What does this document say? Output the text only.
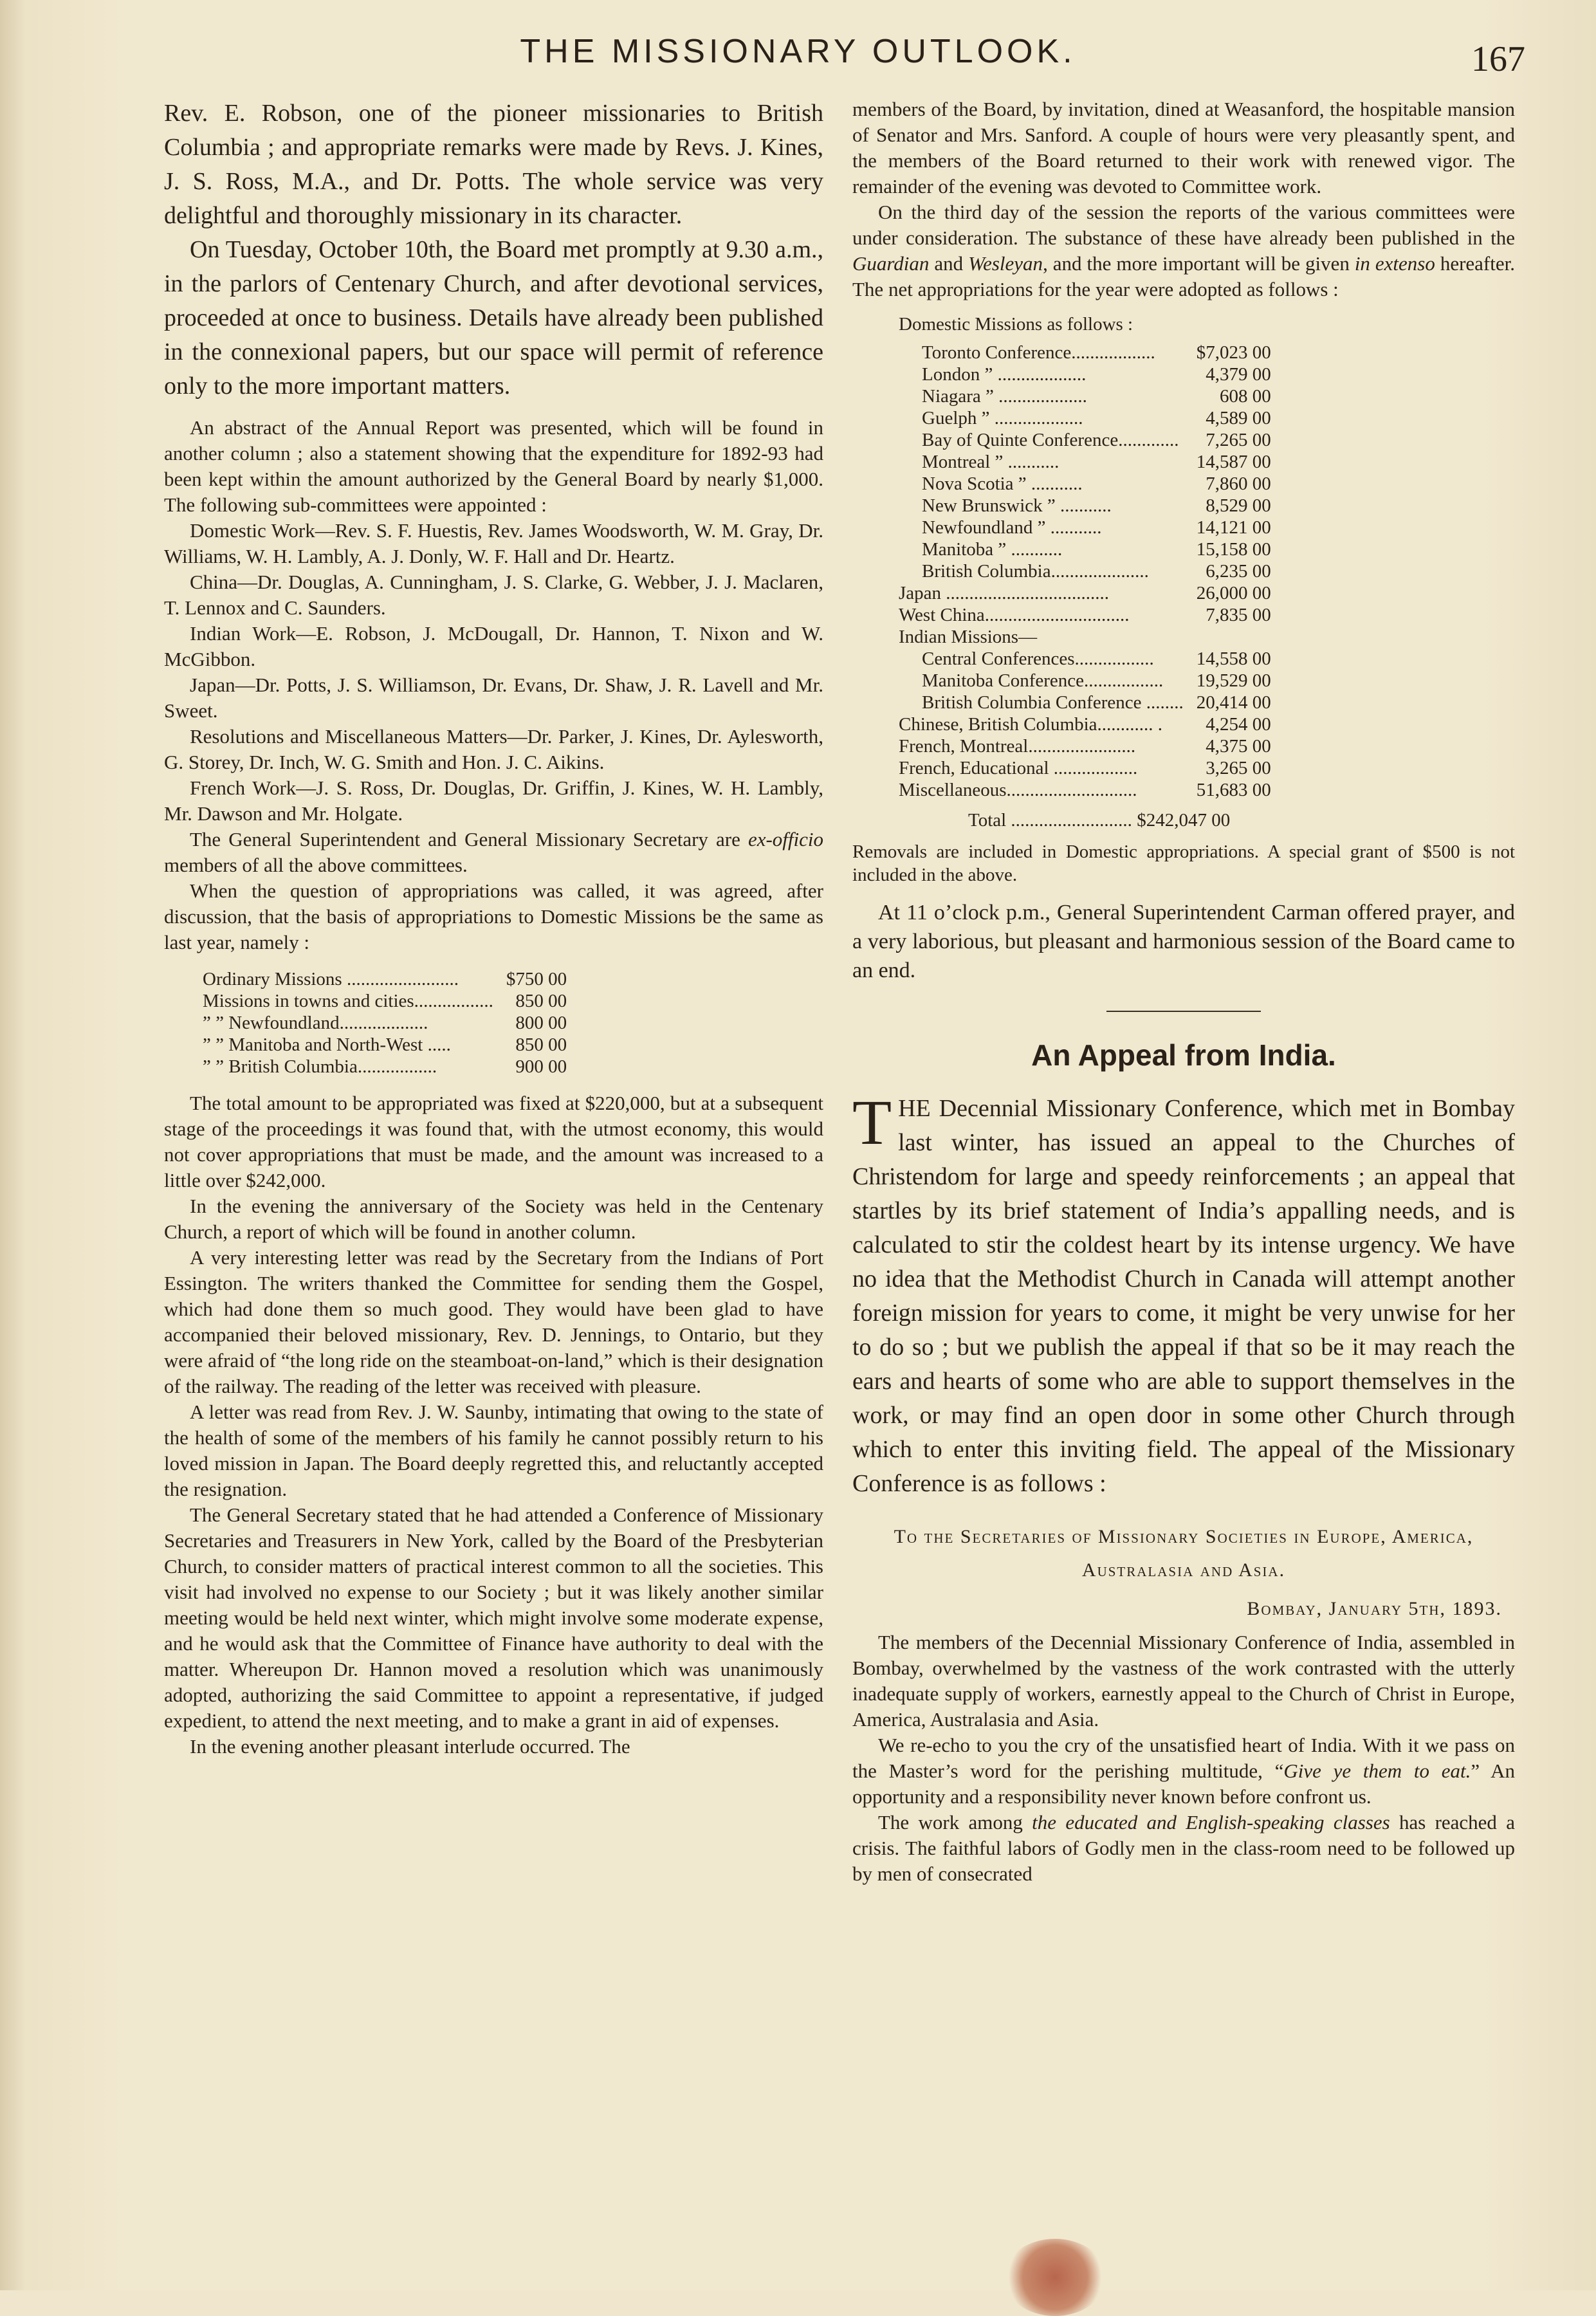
THE MISSIONARY OUTLOOK.	167

Rev. E. Robson, one of the pioneer missionaries to British Columbia ; and appropriate remarks were made by Revs. J. Kines, J. S. Ross, M.A., and Dr. Potts. The whole service was very delightful and thoroughly missionary in its character.

On Tuesday, October 10th, the Board met promptly at 9.30 a.m., in the parlors of Centenary Church, and after devotional services, proceeded at once to business. Details have already been published in the connexional papers, but our space will permit of reference only to the more important matters.

An abstract of the Annual Report was presented, which will be found in another column ; also a statement showing that the expenditure for 1892-93 had been kept within the amount authorized by the General Board by nearly $1,000. The following sub-committees were appointed :

Domestic Work—Rev. S. F. Huestis, Rev. James Woodsworth, W. M. Gray, Dr. Williams, W. H. Lambly, A. J. Donly, W. F. Hall and Dr. Heartz.

China—Dr. Douglas, A. Cunningham, J. S. Clarke, G. Webber, J. J. Maclaren, T. Lennox and C. Saunders.

Indian Work—E. Robson, J. McDougall, Dr. Hannon, T. Nixon and W. McGibbon.

Japan—Dr. Potts, J. S. Williamson, Dr. Evans, Dr. Shaw, J. R. Lavell and Mr. Sweet.

Resolutions and Miscellaneous Matters—Dr. Parker, J. Kines, Dr. Aylesworth, G. Storey, Dr. Inch, W. G. Smith and Hon. J. C. Aikins.

French Work—J. S. Ross, Dr. Douglas, Dr. Griffin, J. Kines, W. H. Lambly, Mr. Dawson and Mr. Holgate.

The General Superintendent and General Missionary Secretary are ex-officio members of all the above committees.

When the question of appropriations was called, it was agreed, after discussion, that the basis of appropriations to Domestic Missions be the same as last year, namely :

Ordinary Missions ........................	$750 00
Missions in towns and cities.................	850 00
” ” Newfoundland...................	800 00
” ” Manitoba and North-West .....	850 00
” ” British Columbia.................	900 00

The total amount to be appropriated was fixed at $220,000, but at a subsequent stage of the proceedings it was found that, with the utmost economy, this would not cover appropriations that must be made, and the amount was increased to a little over $242,000.

In the evening the anniversary of the Society was held in the Centenary Church, a report of which will be found in another column.

A very interesting letter was read by the Secretary from the Indians of Port Essington. The writers thanked the Committee for sending them the Gospel, which had done them so much good. They would have been glad to have accompanied their beloved missionary, Rev. D. Jennings, to Ontario, but they were afraid of “the long ride on the steamboat-on-land,” which is their designation of the railway. The reading of the letter was received with pleasure.

A letter was read from Rev. J. W. Saunby, intimating that owing to the state of the health of some of the members of his family he cannot possibly return to his loved mission in Japan. The Board deeply regretted this, and reluctantly accepted the resignation.

The General Secretary stated that he had attended a Conference of Missionary Secretaries and Treasurers in New York, called by the Board of the Presbyterian Church, to consider matters of practical interest common to all the societies. This visit had involved no expense to our Society ; but it was likely another similar meeting would be held next winter, which might involve some moderate expense, and he would ask that the Committee of Finance have authority to deal with the matter. Whereupon Dr. Hannon moved a resolution which was unanimously adopted, authorizing the said Committee to appoint a representative, if judged expedient, to attend the next meeting, and to make a grant in aid of expenses.

In the evening another pleasant interlude occurred. The

members of the Board, by invitation, dined at Weasanford, the hospitable mansion of Senator and Mrs. Sanford. A couple of hours were very pleasantly spent, and the members of the Board returned to their work with renewed vigor. The remainder of the evening was devoted to Committee work.

On the third day of the session the reports of the various committees were under consideration. The substance of these have already been published in the Guardian and Wesleyan, and the more important will be given in extenso hereafter. The net appropriations for the year were adopted as follows :

Domestic Missions as follows :
Toronto Conference..................	$7,023 00
London ” ...................	4,379 00
Niagara ” ...................	608 00
Guelph ” ...................	4,589 00
Bay of Quinte Conference.............	7,265 00
Montreal ” ...........	14,587 00
Nova Scotia ” ...........	7,860 00
New Brunswick ” ...........	8,529 00
Newfoundland ” ...........	14,121 00
Manitoba ” ...........	15,158 00
British Columbia.....................	6,235 00
Japan ...................................	26,000 00
West China...............................	7,835 00
Indian Missions—	
Central Conferences.................	14,558 00
Manitoba Conference.................	19,529 00
British Columbia Conference ........	20,414 00
Chinese, British Columbia............ .	4,254 00
French, Montreal.......................	4,375 00
French, Educational ..................	3,265 00
Miscellaneous............................	51,683 00
Total .......................... $242,047 00

Removals are included in Domestic appropriations. A special grant of $500 is not included in the above.

At 11 o’clock p.m., General Superintendent Carman offered prayer, and a very laborious, but pleasant and harmonious session of the Board came to an end.

An Appeal from India.

THE Decennial Missionary Conference, which met in Bombay last winter, has issued an appeal to the Churches of Christendom for large and speedy reinforcements ; an appeal that startles by its brief statement of India’s appalling needs, and is calculated to stir the coldest heart by its intense urgency. We have no idea that the Methodist Church in Canada will attempt another foreign mission for years to come, it might be very unwise for her to do so ; but we publish the appeal if that so be it may reach the ears and hearts of some who are able to support themselves in the work, or may find an open door in some other Church through which to enter this inviting field. The appeal of the Missionary Conference is as follows :

To the Secretaries of Missionary Societies in Europe, America, Australasia and Asia.

Bombay, January 5th, 1893.

The members of the Decennial Missionary Conference of India, assembled in Bombay, overwhelmed by the vastness of the work contrasted with the utterly inadequate supply of workers, earnestly appeal to the Church of Christ in Europe, America, Australasia and Asia.

We re-echo to you the cry of the unsatisfied heart of India. With it we pass on the Master’s word for the perishing multitude, “Give ye them to eat.” An opportunity and a responsibility never known before confront us.

The work among the educated and English-speaking classes has reached a crisis. The faithful labors of Godly men in the class-room need to be followed up by men of consecrated
